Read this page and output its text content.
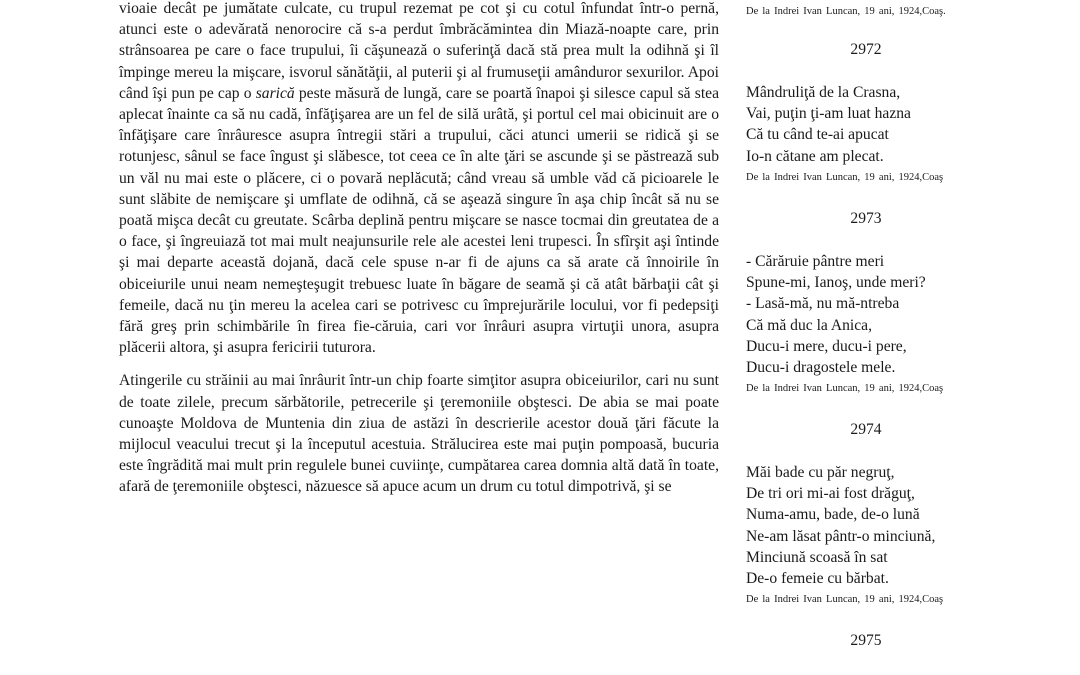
vioaie decât pe jumătate culcate, cu trupul rezemat pe cot şi cu cotul înfundat într-o pernă, atunci este o adevărată nenorocire că s-a perdut îmbrăcămintea din Miază-noapte care, prin strânsoarea pe care o face trupului, îi căşunează o suferinţă dacă stă prea mult la odihnă şi îl împinge mereu la mişcare, isvorul sănătăţii, al puterii şi al frumuseţii amânduror sexurilor. Apoi când îşi pun pe cap o sarică peste măsură de lungă, care se poartă înapoi şi silesce capul să stea aplecat înainte ca să nu cadă, înfăţişarea are un fel de silă urâtă, şi portul cel mai obicinuit are o înfăţişare care înrâuresce asupra întregii stări a trupului, căci atunci umerii se ridică şi se rotunjesc, sânul se face îngust şi slăbesce, tot ceea ce în alte ţări se ascunde şi se păstrează sub un văl nu mai este o plăcere, ci o povară neplăcută; când vreau să umble văd că picioarele le sunt slăbite de nemişcare şi umflate de odihnă, că se aşează singure în aşa chip încât să nu se poată mişca decât cu greutate. Scârba deplină pentru mişcare se nasce tocmai din greutatea de a o face, şi îngreuiază tot mai mult neajunsurile rele ale acestei leni trupesci. În sfîrşit aşi întinde şi mai departe această dojană, dacă cele spuse n-ar fi de ajuns ca să arate că înnoirile în obiceiurile unui neam nemeşteşugit trebuesc luate în băgare de seamă şi că atât bărbaţii cât şi femeile, dacă nu ţin mereu la acelea cari se potrivesc cu împrejurările locului, vor fi pedepsiţi fără greş prin schimbările în firea fie-căruia, cari vor înrâuri asupra virtuţii unora, asupra plăcerii altora, şi asupra fericirii tuturora.

Atingerile cu străinii au mai înrâurit într-un chip foarte simţitor asupra obiceiurilor, cari nu sunt de toate zilele, precum sărbătorile, petrecerile şi ţeremoniile obştesci. De abia se mai poate cunoaşte Moldova de Muntenia din ziua de astăzi în descrierile acestor două ţări făcute la mijlocul veacului trecut şi la începutul acestuia. Strălucirea este mai puţin pompoasă, bucuria este îngrădită mai mult prin regulele bunei cuviinţe, cumpătarea carea domnia altă dată în toate, afară de ţeremoniile obştesci, năzuesce să apuce acum un drum cu totul dimpotrivă, şi se

De la Indrei Ivan Luncan, 19 ani, 1924,Coaş.
2972
Mândruliţă de la Crasna,
Vai, puţin ţi-am luat hazna
Că tu când te-ai apucat
Io-n cătane am plecat.
De la Indrei Ivan Luncan, 19 ani, 1924,Coaş
2973
- Cărăruie pântre meri
Spune-mi, Ianoş, unde meri?
- Lasă-mă, nu mă-ntreba
Că mă duc la Anica,
Ducu-i mere, ducu-i pere,
Ducu-i dragostele mele.
De la Indrei Ivan Luncan, 19 ani, 1924,Coaş
2974
Măi bade cu păr negruţ,
De tri ori mi-ai fost drăguţ,
Numa-amu, bade, de-o lună
Ne-am lăsat pântr-o minciună,
Minciună scoasă în sat
De-o femeie cu bărbat.
De la Indrei Ivan Luncan, 19 ani, 1924,Coaş
2975
